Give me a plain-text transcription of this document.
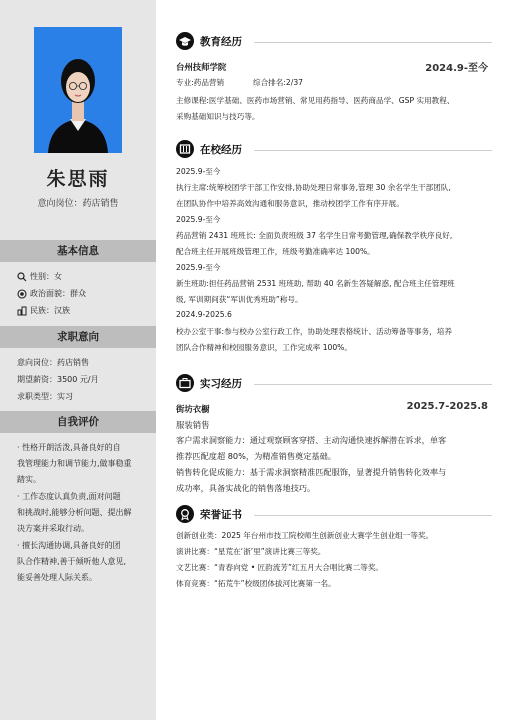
朱思雨
意向岗位：药店销售
基本信息
性别：女
政治面貌：群众
民族：汉族
求职意向
意向岗位：药店销售
期望薪资：3500 元/月
求职类型：实习
自我评价
· 性格开朗活泼,具备良好的自
我管理能力和调节能力,做事稳重
踏实。
· 工作态度认真负责,面对问题
和挑战时,能够分析问题、提出解
决方案并采取行动。
· 擅长沟通协调,具备良好的团
队合作精神,善于倾听他人意见,
能妥善处理人际关系。
教育经历
台州技师学院	2024.9-至今
专业:药品营销	综合排名:2/37
主修课程:医学基础、医药市场营销、常见用药指导、医药商品学、GSP 实用教程、
采购基础知识与技巧等。
在校经历
2025.9-至今
执行主席:统筹校团学干部工作安排,协助处理日常事务,管理 30 余名学生干部团队,
在团队协作中培养高效沟通和服务意识，推动校团学工作有序开展。
2025.9-至今
药品营销 2431 班班长: 全面负责班级 37 名学生日常考勤管理,确保教学秩序良好,
配合班主任开展班级管理工作，班级考勤准确率达 100%。
2025.9-至今
新生班助:担任药品营销 2531 班班助, 帮助 40 名新生答疑解惑, 配合班主任管理班
级, 军训期间获“军训优秀班助”称号。
2024.9-2025.6
校办公室干事:参与校办公室行政工作，协助处理表格统计、活动筹备等事务，培养
团队合作精神和校园服务意识，工作完成率 100%。
实习经历
街坊衣橱	2025.7-2025.8
服装销售
客户需求洞察能力：通过观察顾客穿搭、主动沟通快速拆解潜在诉求，单客
推荐匹配度超 80%，为精准销售奠定基础。
销售转化促成能力：基于需求洞察精准匹配服饰，显著提升销售转化效率与
成功率，具备实战化的销售落地技巧。
荣誉证书
创新创业类：2025 年台州市技工院校师生创新创业大赛学生创业组一等奖。
演讲比赛：“星荒在‘浙’里”演讲比赛三等奖。
文艺比赛：“青春向党 • 匠韵流芳”红五月大合唱比赛二等奖。
体育竞赛：“拓荒牛”校级团体拔河比赛第一名。
